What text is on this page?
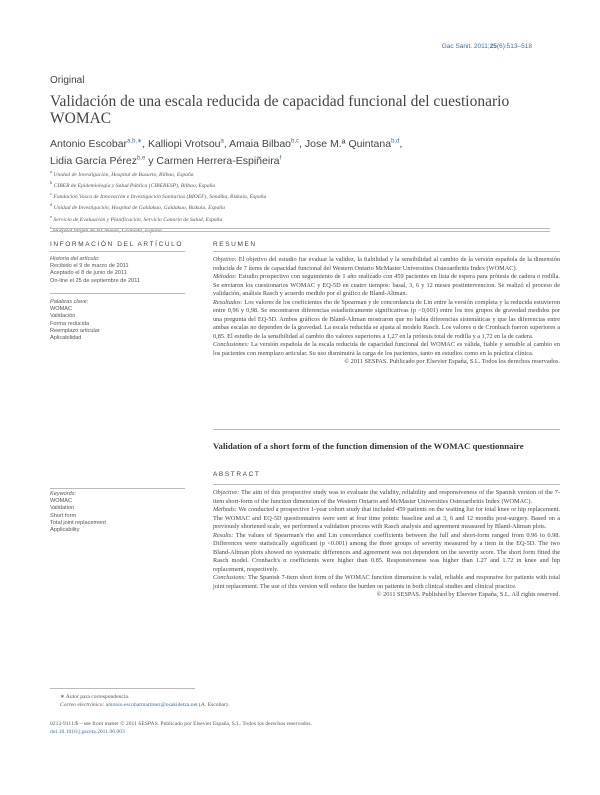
Gac Sanit. 2011;25(6):513–518
Original
Validación de una escala reducida de capacidad funcional del cuestionario WOMAC
Antonio Escobar$^{a,b,∗}$, Kalliopi Vrotsou$^a$, Amaia Bilbao$^{b,c}$, Jose M.ª Quintana$^{b,d}$,
Lidia García Pérez$^{b,e}$ y Carmen Herrera-Espiñeira$^f$
$^a$ Unidad de Investigación, Hospital de Basurto, Bilbao, España
$^b$ CIBER de Epidemiología y Salud Pública (CIBERESP), Bilbao, España
$^c$ Fundación Vasca de Innovación e Investigación Sanitarias (BIOEF), Sondika, Bizkaia, España
$^d$ Unidad de Investigación, Hospital de Galdakao, Galdakao, Bizkaia, España
$^e$ Servicio de Evaluación y Planificación, Servicio Canario de Salud, España
$^f$ Hospital Virgen de las Nieves, Granada, España
INFORMACIÓN DEL ARTÍCULO
Historia del artículo:
Recibido el 9 de marzo de 2011
Aceptado el 8 de junio de 2011
On-line el 25 de septiembre de 2011
Palabras clave:
WOMAC
Validación
Forma reducida
Reemplazo articular
Aplicabilidad
Keywords:
WOMAC
Validation
Short form
Total joint replacement
Applicability
RESUMEN
Objetivo: El objetivo del estudio fue evaluar la validez, la fiabilidad y la sensibilidad al cambio de la versión española de la dimensión reducida de 7 ítems de capacidad funcional del Western Ontario McMaster Universities Osteoarthritis Index (WOMAC).
Métodos: Estudio prospectivo con seguimiento de 1 año realizado con 459 pacientes en lista de espera para prótesis de cadera o rodilla. Se enviaron los cuestionarios WOMAC y EQ-5D en cuatro tiempos: basal, 3, 6 y 12 meses postintervencion. Se realizó el proceso de validación, análisis Rasch y acuerdo medido por el gráfico de Bland-Altman.
Resultados: Los valores de los coeficientes rho de Spearman y de concordancia de Lin entre la versión completa y la reducida estuvieron entre 0,96 y 0,98. Se encontraron diferencias estadísticamente significativas (p <0,001) entre los tres grupos de gravedad medidos por una pregunta del EQ-5D. Ambos gráficos de Bland-Altman mostraron que no había diferencias sistemáticas y que las diferencias entre ambas escalas no dependen de la gravedad. La escala reducida se ajusta al modelo Rasch. Los valores α de Cronbach fueron superiores a 0,85. El estudio de la sensibilidad al cambio dio valores superiores a 1,27 en la prótesis total de rodilla y a 1,72 en la de cadera.
Conclusiones: La versión española de la escala reducida de capacidad funcional del WOMAC es válida, fiable y sensible al cambio en los pacientes con reemplazo articular. Su uso disminuirá la carga de los pacientes, tanto en estudios como en la práctica clínica.
© 2011 SESPAS. Publicado por Elsevier España, S.L. Todos los derechos reservados.
Validation of a short form of the function dimension of the WOMAC questionnaire
ABSTRACT
Objective: The aim of this prospective study was to evaluate the validity, reliability and responsiveness of the Spanish version of the 7-item short-form of the function dimension of the Western Ontario and McMaster Universities Osteoarthritis Index (WOMAC).
Methods: We conducted a prospective 1-year cohort study that included 459 patients on the waiting list for total knee or hip replacement. The WOMAC and EQ-5D questionnaires were sent at four time points: baseline and at 3, 6 and 12 months post-surgery. Based on a previously shortened scale, we performed a validation process with Rasch analysis and agreement measured by Bland-Altman plots.
Results: The values of Spearman's rho and Lin concordance coefficients between the full and short-form ranged from 0.96 to 0.98. Differences were statistically significant (p <0.001) among the three groups of severity measured by a item in the EQ-5D. The two Bland-Altman plots showed no systematic differences and agreement was not dependent on the severity score. The short form fitted the Rasch model. Cronbach's α coefficients were higher than 0.85. Responsiveness was higher than 1.27 and 1.72 in knee and hip replacement, respectively.
Conclusions: The Spanish 7-item short form of the WOMAC function dimension is valid, reliable and responsive for patients with total joint replacement. The use of this version will reduce the burden on patients in both clinical studies and clinical practice.
© 2011 SESPAS. Published by Elsevier España, S.L. All rights reserved.
∗ Autor para correspondencia.
Correo electrónico: antonio.escobarmartinez@osakidetza.net (A. Escobar).
0213-9111/$ – see front matter © 2011 SESPAS. Publicado por Elsevier España, S.L. Todos los derechos reservados.
doi:10.1016/j.gaceta.2011.06.003
